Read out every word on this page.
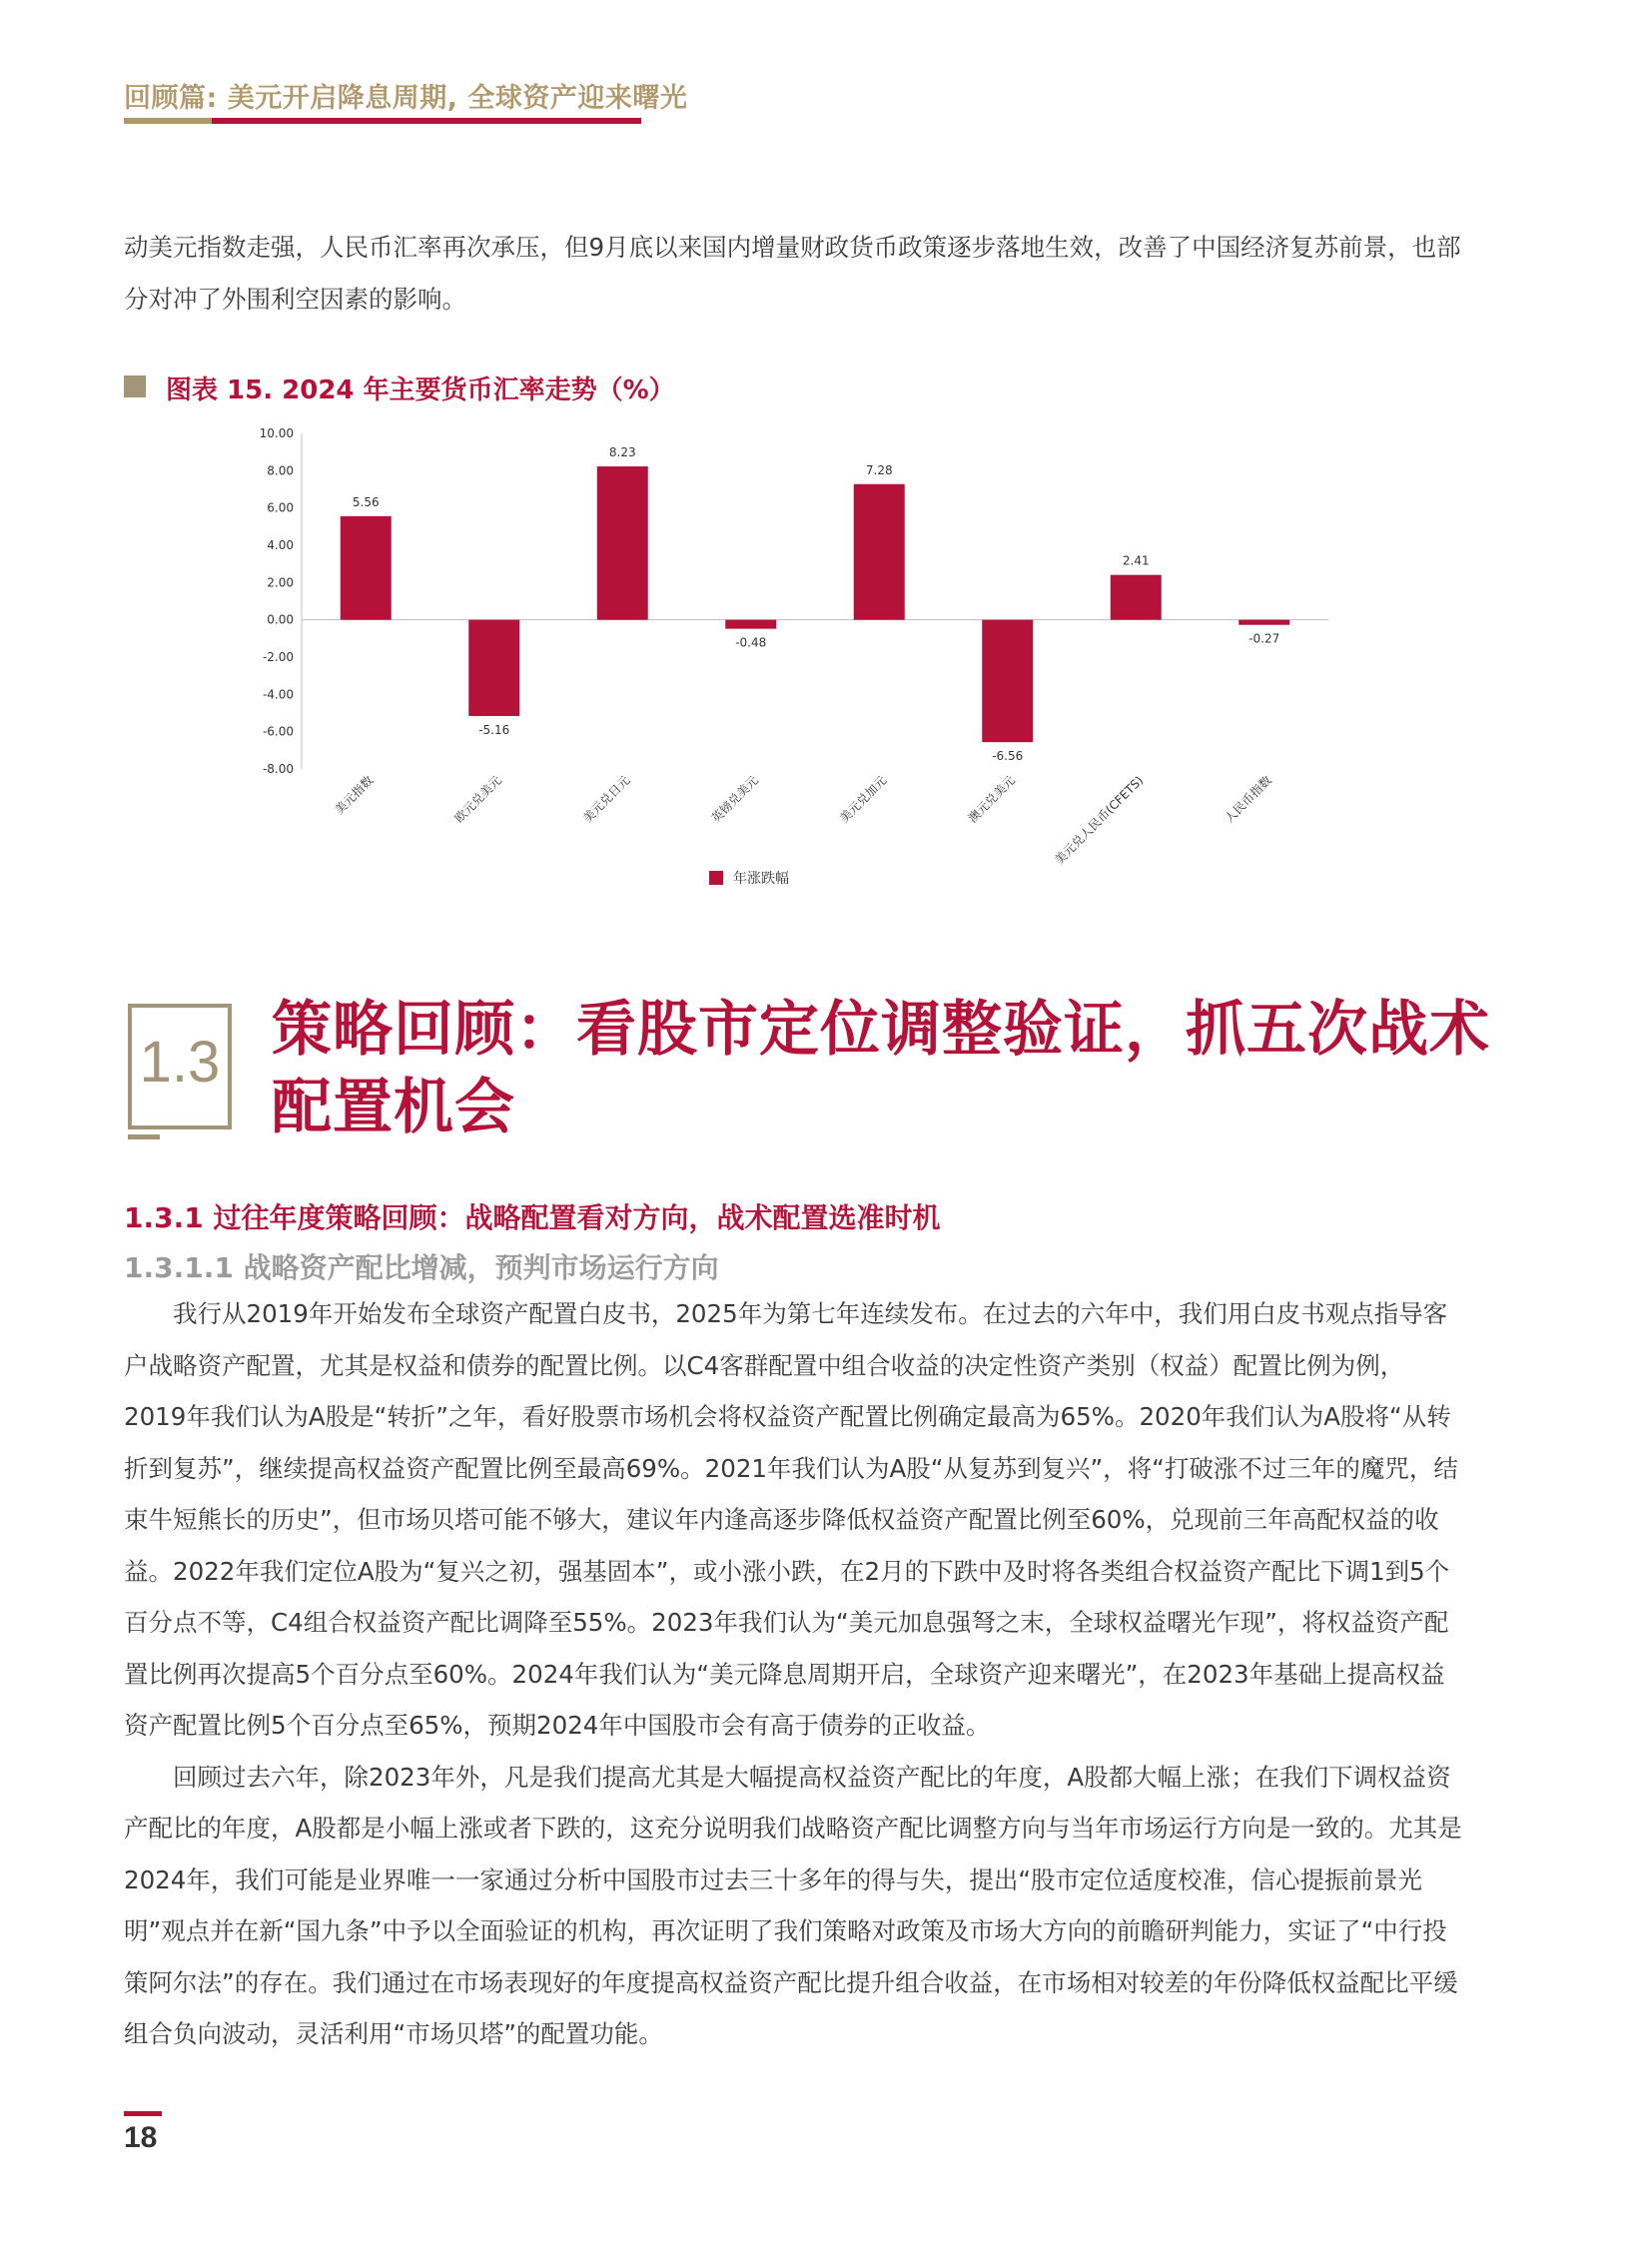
回顾篇: 美元开启降息周期, 全球资产迎来曙光
动美元指数走强，人民币汇率再次承压，但9月底以来国内增量财政货币政策逐步落地生效，改善了中国经济复苏前景，也部分对冲了外围利空因素的影响。
图表 15. 2024 年主要货币汇率走势（%）
10.00
8.00
6.00
4.00
2.00
0.00
-2.00
-4.00
-6.00
-8.00
5.56
美元指数
-5.16
欧元兑美元
8.23
美元兑日元
-0.48
英镑兑美元
7.28
美元兑加元
-6.56
澳元兑美元
2.41
美元兑人民币(CFETS)
-0.27
人民币指数
年涨跌幅
1.3 策略回顾：看股市定位调整验证，抓五次战术配置机会
1.3.1 过往年度策略回顾：战略配置看对方向，战术配置选准时机
1.3.1.1 战略资产配比增减，预判市场运行方向

我行从2019年开始发布全球资产配置白皮书，2025年为第七年连续发布。在过去的六年中，我们用白皮书观点指导客户战略资产配置，尤其是权益和债券的配置比例。以C4客群配置中组合收益的决定性资产类别（权益）配置比例为例，2019年我们认为A股是“转折”之年，看好股票市场机会将权益资产配置比例确定最高为65%。2020年我们认为A股将“从转折到复苏”，继续提高权益资产配置比例至最高69%。2021年我们认为A股“从复苏到复兴”，将“打破涨不过三年的魔咒，结束牛短熊长的历史”，但市场贝塔可能不够大，建议年内逢高逐步降低权益资产配置比例至60%，兑现前三年高配权益的收益。2022年我们定位A股为“复兴之初，强基固本”，或小涨小跌，在2月的下跌中及时将各类组合权益资产配比下调1到5个百分点不等，C4组合权益资产配比调降至55%。2023年我们认为“美元加息强弩之末，全球权益曙光乍现”，将权益资产配置比例再次提高5个百分点至60%。2024年我们认为“美元降息周期开启，全球资产迎来曙光”，在2023年基础上提高权益资产配置比例5个百分点至65%，预期2024年中国股市会有高于债券的正收益。

回顾过去六年，除2023年外，凡是我们提高尤其是大幅提高权益资产配比的年度，A股都大幅上涨；在我们下调权益资产配比的年度，A股都是小幅上涨或者下跌的，这充分说明我们战略资产配比调整方向与当年市场运行方向是一致的。尤其是2024年，我们可能是业界唯一一家通过分析中国股市过去三十多年的得与失，提出“股市定位适度校准，信心提振前景光明”观点并在新“国九条”中予以全面验证的机构，再次证明了我们策略对政策及市场大方向的前瞻研判能力，实证了“中行投策阿尔法”的存在。我们通过在市场表现好的年度提高权益资产配比提升组合收益，在市场相对较差的年份降低权益配比平缓组合负向波动，灵活利用“市场贝塔”的配置功能。

18
